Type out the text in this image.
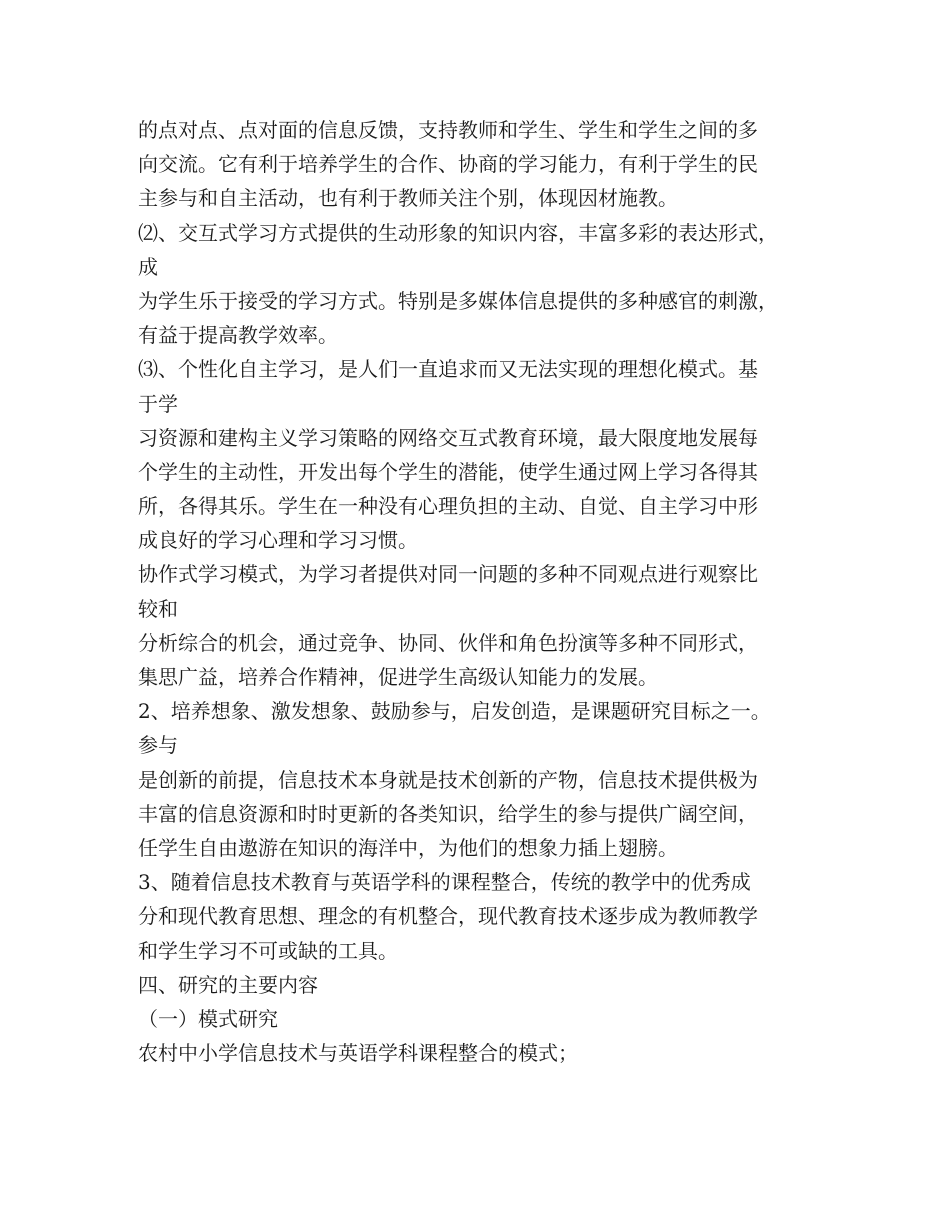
的点对点、点对面的信息反馈，支持教师和学生、学生和学生之间的多
向交流。它有利于培养学生的合作、协商的学习能力，有利于学生的民
主参与和自主活动，也有利于教师关注个别，体现因材施教。
⑵、交互式学习方式提供的生动形象的知识内容，丰富多彩的表达形式，
成
为学生乐于接受的学习方式。特别是多媒体信息提供的多种感官的刺激，
有益于提高教学效率。
⑶、个性化自主学习，是人们一直追求而又无法实现的理想化模式。基
于学
习资源和建构主义学习策略的网络交互式教育环境，最大限度地发展每
个学生的主动性，开发出每个学生的潜能，使学生通过网上学习各得其
所，各得其乐。学生在一种没有心理负担的主动、自觉、自主学习中形
成良好的学习心理和学习习惯。
协作式学习模式，为学习者提供对同一问题的多种不同观点进行观察比
较和
分析综合的机会，通过竞争、协同、伙伴和角色扮演等多种不同形式，
集思广益，培养合作精神，促进学生高级认知能力的发展。
2、培养想象、激发想象、鼓励参与，启发创造，是课题研究目标之一。
参与
是创新的前提，信息技术本身就是技术创新的产物，信息技术提供极为
丰富的信息资源和时时更新的各类知识，给学生的参与提供广阔空间，
任学生自由遨游在知识的海洋中，为他们的想象力插上翅膀。
3、随着信息技术教育与英语学科的课程整合，传统的教学中的优秀成
分和现代教育思想、理念的有机整合，现代教育技术逐步成为教师教学
和学生学习不可或缺的工具。
四、研究的主要内容
（一）模式研究
农村中小学信息技术与英语学科课程整合的模式；
